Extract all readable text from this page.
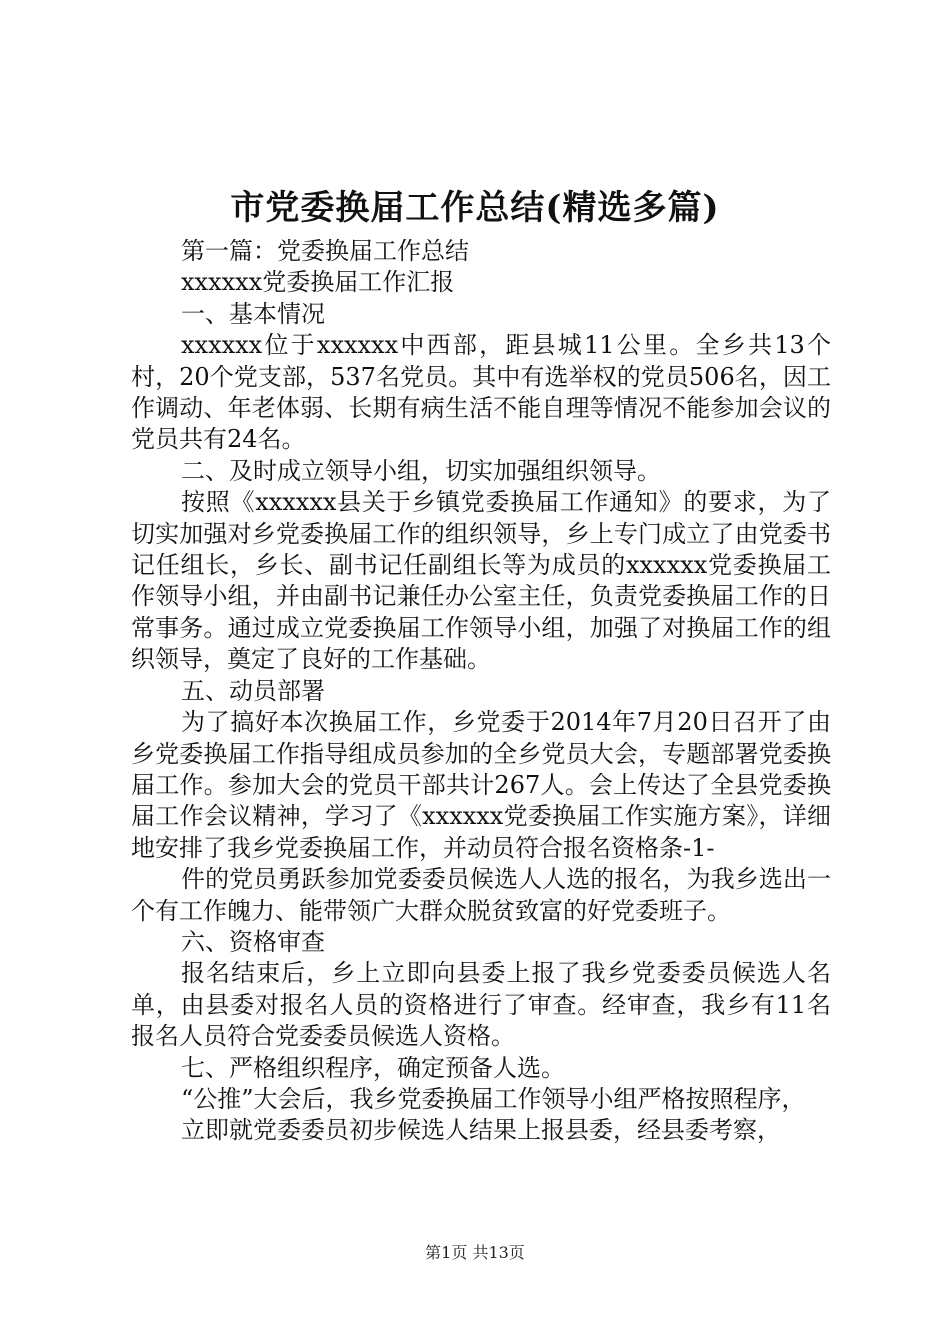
市党委换届工作总结(精选多篇)

第一篇：党委换届工作总结

xxxxxx党委换届工作汇报

一、基本情况

xxxxxx位于xxxxxx中西部，距县城11公里。全乡共13个村，20个党支部，537名党员。其中有选举权的党员506名，因工作调动、年老体弱、长期有病生活不能自理等情况不能参加会议的党员共有24名。

二、及时成立领导小组，切实加强组织领导。

按照《xxxxxx县关于乡镇党委换届工作通知》的要求，为了切实加强对乡党委换届工作的组织领导，乡上专门成立了由党委书记任组长，乡长、副书记任副组长等为成员的xxxxxx党委换届工作领导小组，并由副书记兼任办公室主任，负责党委换届工作的日常事务。通过成立党委换届工作领导小组，加强了对换届工作的组织领导，奠定了良好的工作基础。

五、动员部署

为了搞好本次换届工作，乡党委于2014年7月20日召开了由乡党委换届工作指导组成员参加的全乡党员大会，专题部署党委换届工作。参加大会的党员干部共计267人。会上传达了全县党委换届工作会议精神，学习了《xxxxxx党委换届工作实施方案》，详细地安排了我乡党委换届工作，并动员符合报名资格条-1-

件的党员勇跃参加党委委员候选人人选的报名，为我乡选出一个有工作魄力、能带领广大群众脱贫致富的好党委班子。

六、资格审查

报名结束后，乡上立即向县委上报了我乡党委委员候选人名单，由县委对报名人员的资格进行了审查。经审查，我乡有11名报名人员符合党委委员候选人资格。

七、严格组织程序，确定预备人选。

“公推”大会后，我乡党委换届工作领导小组严格按照程序，

立即就党委委员初步候选人结果上报县委，经县委考察，

第1页 共13页
